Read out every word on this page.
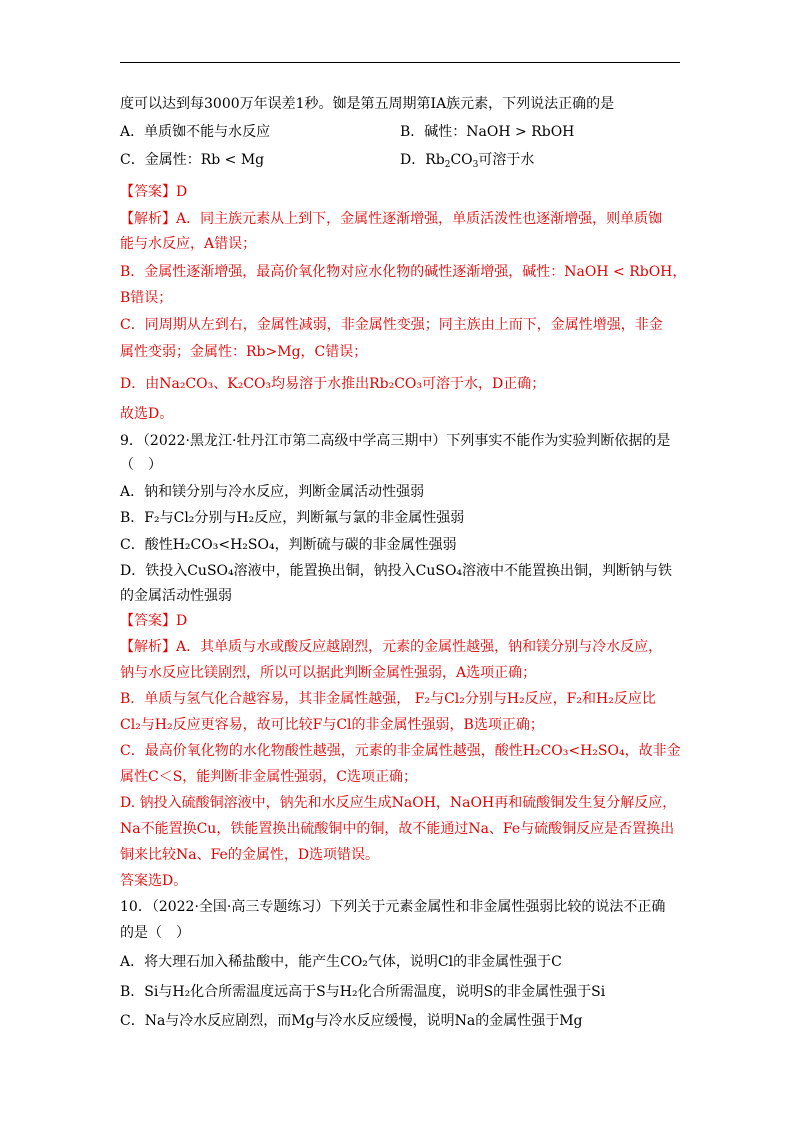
度可以达到每3000万年误差1秒。铷是第五周期第ⅠA族元素，下列说法正确的是
A．单质铷不能与水反应	B．碱性：NaOH > RbOH
C．金属性：Rb < Mg	D．$Rb_2CO_3$可溶于水
【答案】D
【解析】A．同主族元素从上到下，金属性逐渐增强，单质活泼性也逐渐增强，则单质铷
能与水反应，A错误；
B．金属性逐渐增强，最高价氧化物对应水化物的碱性逐渐增强，碱性：NaOH < RbOH，
B错误；
C．同周期从左到右，金属性减弱，非金属性变强；同主族由上而下，金属性增强，非金
属性变弱；金属性：Rb>Mg，C错误；
D．由Na₂CO₃、K₂CO₃均易溶于水推出Rb₂CO₃可溶于水，D正确；
故选D。
9．（2022·黑龙江·牡丹江市第二高级中学高三期中）下列事实不能作为实验判断依据的是
（　）
A．钠和镁分别与冷水反应，判断金属活动性强弱
B．F₂与Cl₂分别与H₂反应，判断氟与氯的非金属性强弱
C．酸性H₂CO₃<H₂SO₄，判断硫与碳的非金属性强弱
D．铁投入CuSO₄溶液中，能置换出铜，钠投入CuSO₄溶液中不能置换出铜，判断钠与铁
的金属活动性强弱
【答案】D
【解析】A．其单质与水或酸反应越剧烈，元素的金属性越强，钠和镁分别与冷水反应，
钠与水反应比镁剧烈，所以可以据此判断金属性强弱，A选项正确；
B．单质与氢气化合越容易，其非金属性越强， F₂与Cl₂分别与H₂反应，F₂和H₂反应比
Cl₂与H₂反应更容易，故可比较F与Cl的非金属性强弱，B选项正确；
C．最高价氧化物的水化物酸性越强，元素的非金属性越强，酸性H₂CO₃<H₂SO₄，故非金
属性C＜S，能判断非金属性强弱，C选项正确；
D. 钠投入硫酸铜溶液中，钠先和水反应生成NaOH，NaOH再和硫酸铜发生复分解反应，
Na不能置换Cu，铁能置换出硫酸铜中的铜，故不能通过Na、Fe与硫酸铜反应是否置换出
铜来比较Na、Fe的金属性，D选项错误。
答案选D。
10．（2022·全国·高三专题练习）下列关于元素金属性和非金属性强弱比较的说法不正确
的是（　）
A．将大理石加入稀盐酸中，能产生CO₂气体，说明Cl的非金属性强于C
B．Si与H₂化合所需温度远高于S与H₂化合所需温度，说明S的非金属性强于Si
C．Na与冷水反应剧烈，而Mg与冷水反应缓慢，说明Na的金属性强于Mg
